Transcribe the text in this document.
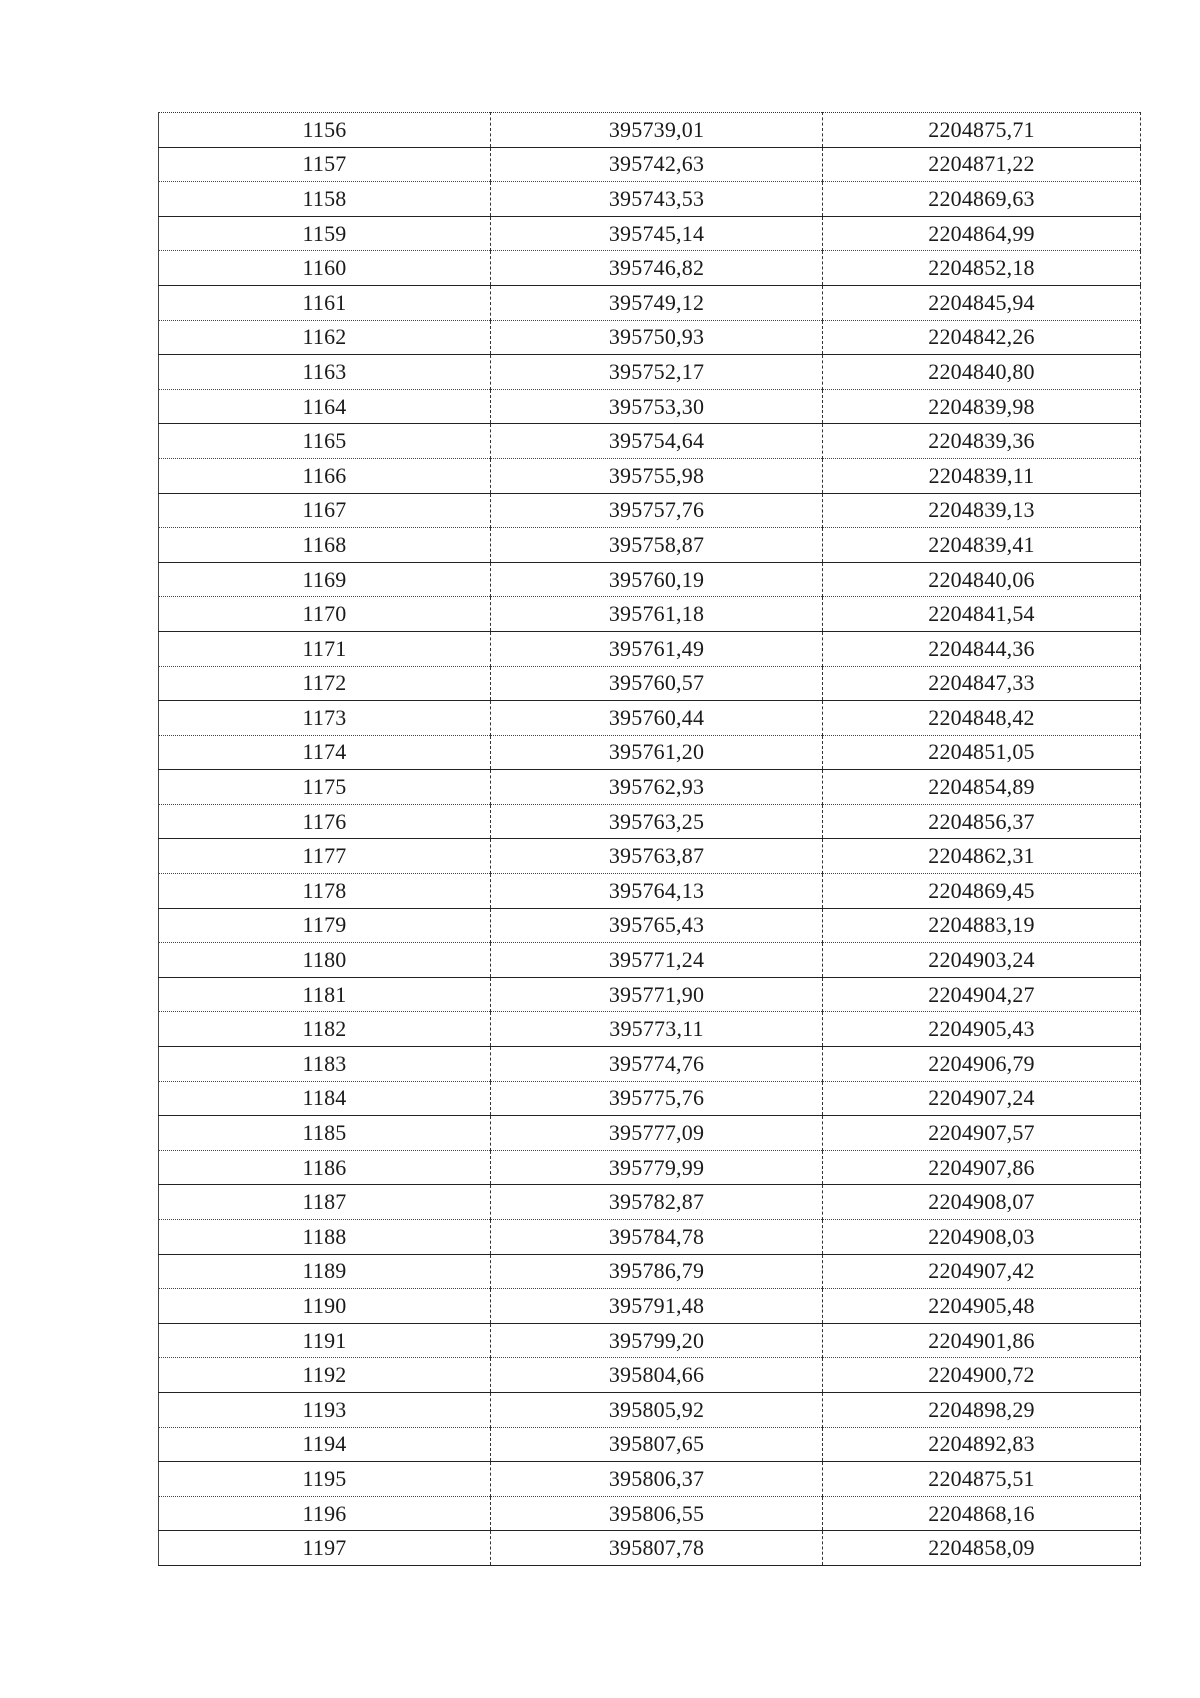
1156	395739,01	2204875,71
1157	395742,63	2204871,22
1158	395743,53	2204869,63
1159	395745,14	2204864,99
1160	395746,82	2204852,18
1161	395749,12	2204845,94
1162	395750,93	2204842,26
1163	395752,17	2204840,80
1164	395753,30	2204839,98
1165	395754,64	2204839,36
1166	395755,98	2204839,11
1167	395757,76	2204839,13
1168	395758,87	2204839,41
1169	395760,19	2204840,06
1170	395761,18	2204841,54
1171	395761,49	2204844,36
1172	395760,57	2204847,33
1173	395760,44	2204848,42
1174	395761,20	2204851,05
1175	395762,93	2204854,89
1176	395763,25	2204856,37
1177	395763,87	2204862,31
1178	395764,13	2204869,45
1179	395765,43	2204883,19
1180	395771,24	2204903,24
1181	395771,90	2204904,27
1182	395773,11	2204905,43
1183	395774,76	2204906,79
1184	395775,76	2204907,24
1185	395777,09	2204907,57
1186	395779,99	2204907,86
1187	395782,87	2204908,07
1188	395784,78	2204908,03
1189	395786,79	2204907,42
1190	395791,48	2204905,48
1191	395799,20	2204901,86
1192	395804,66	2204900,72
1193	395805,92	2204898,29
1194	395807,65	2204892,83
1195	395806,37	2204875,51
1196	395806,55	2204868,16
1197	395807,78	2204858,09
